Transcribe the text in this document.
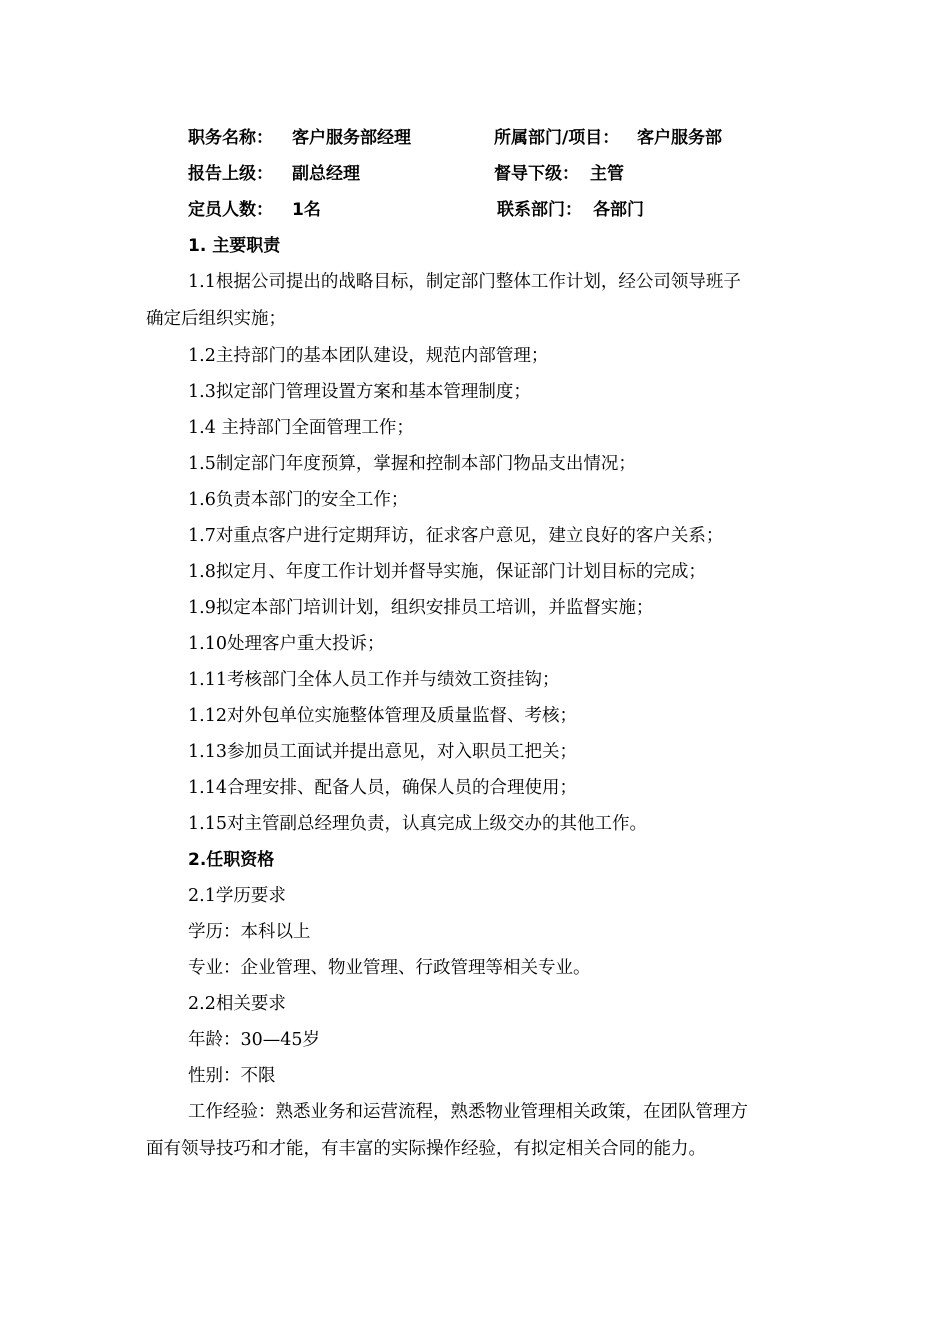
职务名称： 客户服务部经理	所属部门/项目： 客户服务部
报告上级： 副总经理	督导下级： 主管
定员人数： 1名	联系部门： 各部门
1. 主要职责
1.1根据公司提出的战略目标，制定部门整体工作计划，经公司领导班子
确定后组织实施；
1.2主持部门的基本团队建设，规范内部管理；
1.3拟定部门管理设置方案和基本管理制度；
1.4 主持部门全面管理工作；
1.5制定部门年度预算，掌握和控制本部门物品支出情况；
1.6负责本部门的安全工作；
1.7对重点客户进行定期拜访，征求客户意见，建立良好的客户关系；
1.8拟定月、年度工作计划并督导实施，保证部门计划目标的完成；
1.9拟定本部门培训计划，组织安排员工培训，并监督实施；
1.10处理客户重大投诉；
1.11考核部门全体人员工作并与绩效工资挂钩；
1.12对外包单位实施整体管理及质量监督、考核；
1.13参加员工面试并提出意见，对入职员工把关；
1.14合理安排、配备人员，确保人员的合理使用；
1.15对主管副总经理负责，认真完成上级交办的其他工作。
2.任职资格
2.1学历要求
学历：本科以上
专业：企业管理、物业管理、行政管理等相关专业。
2.2相关要求
年龄：30—45岁
性别：不限
工作经验：熟悉业务和运营流程，熟悉物业管理相关政策，在团队管理方
面有领导技巧和才能，有丰富的实际操作经验，有拟定相关合同的能力。
